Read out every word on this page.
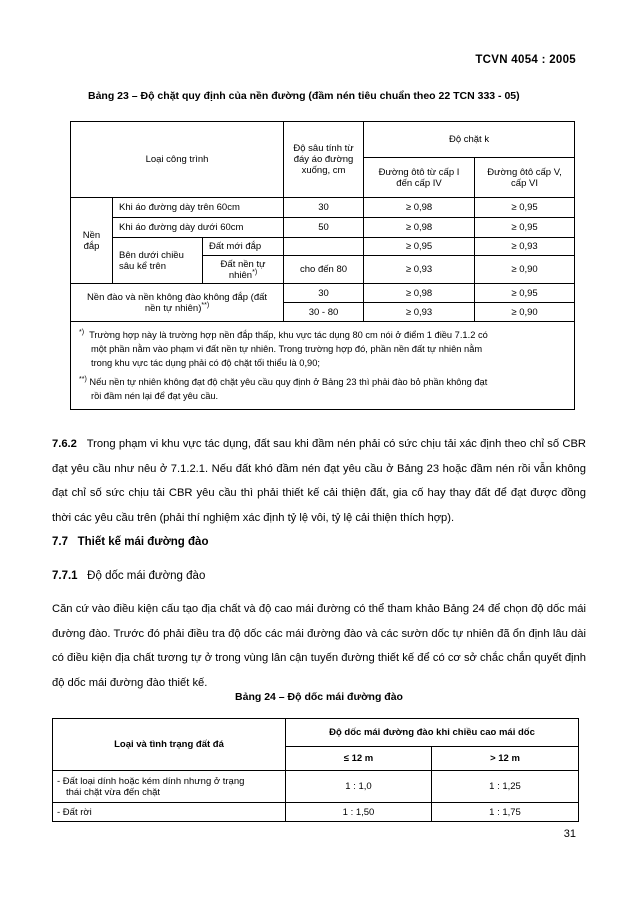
TCVN 4054 : 2005
Bảng 23 – Độ chặt quy định của nền đường (đầm nén tiêu chuẩn theo 22 TCN 333 - 05)
Loại công trình			Độ sâu tính từ đáy áo đường xuống, cm	Độ chặt k	
				Đường ôtô từ cấp I đến cấp IV	Đường ôtô cấp V, cấp VI
Nền đắp	Khi áo đường dày trên 60cm		30	≥ 0,98	≥ 0,95
	Khi áo đường dày dưới 60cm		50	≥ 0,98	≥ 0,95
	Bên dưới chiều sâu kể trên	Đất mới đắp		≥ 0,95	≥ 0,93
		Đất nền tự nhiên*)	cho đến 80	≥ 0,93	≥ 0,90
Nền đào và nền không đào không đắp (đất nền tự nhiên)**)			30	≥ 0,98	≥ 0,95
			30 - 80	≥ 0,93	≥ 0,90

*) Trường hợp này là trường hợp nền đắp thấp, khu vực tác dụng 80 cm nói ở điểm 1 điều 7.1.2 có
một phần nằm vào phạm vi đất nền tự nhiên. Trong trường hợp đó, phần nền đất tự nhiên nằm
trong khu vực tác dụng phải có độ chặt tối thiểu là 0,90;

**) Nếu nền tự nhiên không đạt độ chặt yêu cầu quy định ở Bảng 23 thì phải đào bỏ phần không đạt
rồi đầm nén lại để đạt yêu cầu.					

7.6.2 Trong phạm vi khu vực tác dụng, đất sau khi đầm nén phải có sức chịu tải xác định theo chỉ số CBR đạt yêu cầu như nêu ở 7.1.2.1. Nếu đất khó đầm nén đạt yêu cầu ở Bảng 23 hoặc đầm nén rồi vẫn không đạt chỉ số sức chịu tải CBR yêu cầu thì phải thiết kế cải thiện đất, gia cố hay thay đất để đạt được đồng thời các yêu cầu trên (phải thí nghiệm xác định tỷ lệ vôi, tỷ lệ cải thiện thích hợp).
7.7 Thiết kế mái đường đào
7.7.1 Độ dốc mái đường đào
Căn cứ vào điều kiện cấu tạo địa chất và độ cao mái đường có thể tham khảo Bảng 24 để chọn độ dốc mái đường đào. Trước đó phải điều tra độ dốc các mái đường đào và các sườn dốc tự nhiên đã ổn định lâu dài có điều kiện địa chất tương tự ở trong vùng lân cận tuyến đường thiết kế để có cơ sở chắc chắn quyết định độ dốc mái đường đào thiết kế.
Bảng 24 – Độ dốc mái đường đào
Loại và tình trạng đất đá	Độ dốc mái đường đào khi chiều cao mái dốc	
	≤ 12 m	> 12 m
- Đất loại dính hoặc kém dính nhưng ở trạng
thái chặt vừa đến chặt	1 : 1,0	1 : 1,25
- Đất rời	1 : 1,50	1 : 1,75
31
